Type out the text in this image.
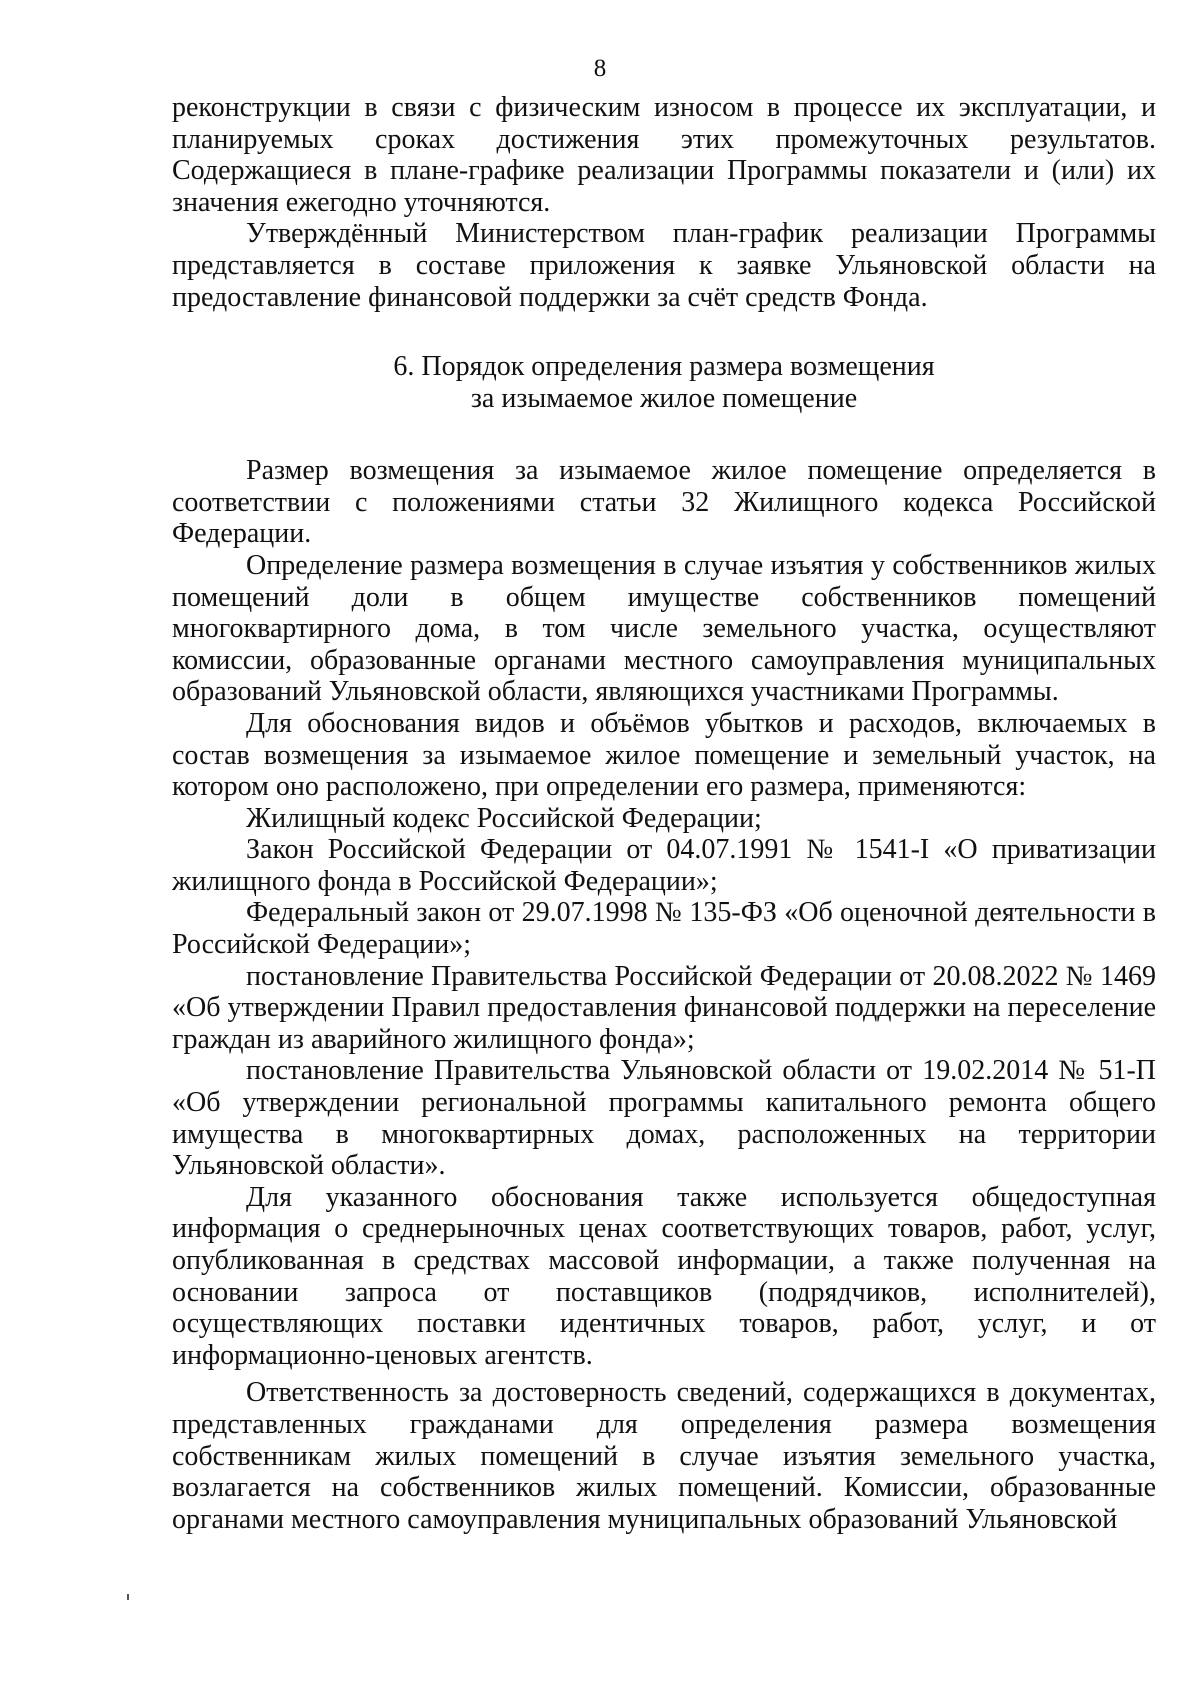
8

реконструкции в связи с физическим износом в процессе их эксплуатации, и планируемых сроках достижения этих промежуточных результатов. Содержащиеся в плане-графике реализации Программы показатели и (или) их значения ежегодно уточняются.

Утверждённый Министерством план-график реализации Программы представляется в составе приложения к заявке Ульяновской области на предоставление финансовой поддержки за счёт средств Фонда.

6. Порядок определения размера возмещения
за изымаемое жилое помещение

Размер возмещения за изымаемое жилое помещение определяется в соответствии с положениями статьи 32 Жилищного кодекса Российской Федерации.

Определение размера возмещения в случае изъятия у собственников жилых помещений доли в общем имуществе собственников помещений многоквартирного дома, в том числе земельного участка, осуществляют комиссии, образованные органами местного самоуправления муниципальных образований Ульяновской области, являющихся участниками Программы.

Для обоснования видов и объёмов убытков и расходов, включаемых в состав возмещения за изымаемое жилое помещение и земельный участок, на котором оно расположено, при определении его размера, применяются:

Жилищный кодекс Российской Федерации;

Закон Российской Федерации от 04.07.1991 № 1541-I «О приватизации жилищного фонда в Российской Федерации»;

Федеральный закон от 29.07.1998 № 135-ФЗ «Об оценочной деятельности в Российской Федерации»;

постановление Правительства Российской Федерации от 20.08.2022 № 1469 «Об утверждении Правил предоставления финансовой поддержки на переселение граждан из аварийного жилищного фонда»;

постановление Правительства Ульяновской области от 19.02.2014 № 51-П «Об утверждении региональной программы капитального ремонта общего имущества в многоквартирных домах, расположенных на территории Ульяновской области».

Для указанного обоснования также используется общедоступная информация о среднерыночных ценах соответствующих товаров, работ, услуг, опубликованная в средствах массовой информации, а также полученная на основании запроса от поставщиков (подрядчиков, исполнителей), осуществляющих поставки идентичных товаров, работ, услуг, и от информационно-ценовых агентств.

Ответственность за достоверность сведений, содержащихся в документах, представленных гражданами для определения размера возмещения собственникам жилых помещений в случае изъятия земельного участка, возлагается на собственников жилых помещений. Комиссии, образованные органами местного самоуправления муниципальных образований Ульяновской
